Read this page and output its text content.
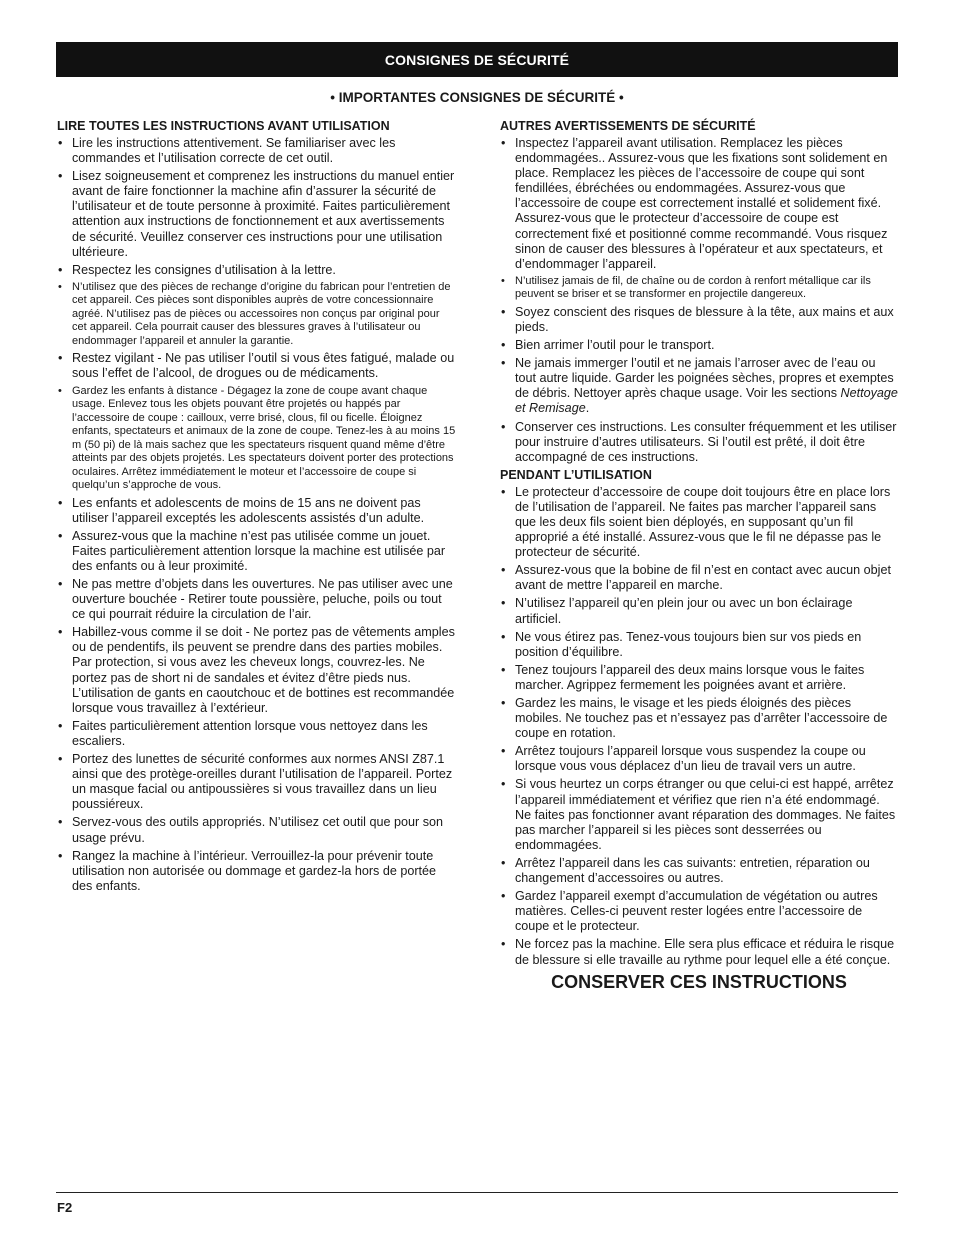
CONSIGNES DE SÉCURITÉ
• IMPORTANTES CONSIGNES DE SÉCURITÉ •
LIRE TOUTES LES INSTRUCTIONS AVANT UTILISATION
• Lire les instructions attentivement. Se familiariser avec les commandes et l’utilisation correcte de cet outil.
• Lisez soigneusement et comprenez les instructions du manuel entier avant de faire fonctionner la machine afin d’assurer la sécurité de l’utilisateur et de toute personne à proximité. Faites particulièrement attention aux instructions de fonctionnement et aux avertissements de sécurité. Veuillez conserver ces instructions pour une utilisation ultérieure.
• Respectez les consignes d’utilisation à la lettre.
• N’utilisez que des pièces de rechange d’origine du fabrican pour l’entretien de cet appareil. Ces pièces sont disponibles auprès de votre concessionnaire agréé. N’utilisez pas de pièces ou accessoires non conçus par original pour cet appareil. Cela pourrait causer des blessures graves à l’utilisateur ou endommager l’appareil et annuler la garantie.
• Restez vigilant - Ne pas utiliser l’outil si vous êtes fatigué, malade ou sous l’effet de l’alcool, de drogues ou de médicaments.
• Gardez les enfants à distance - Dégagez la zone de coupe avant chaque usage. Enlevez tous les objets pouvant être projetés ou happés par l’accessoire de coupe : cailloux, verre brisé, clous, fil ou ficelle. Éloignez enfants, spectateurs et animaux de la zone de coupe. Tenez-les à au moins 15 m (50 pi) de là mais sachez que les spectateurs risquent quand même d’être atteints par des objets projetés. Les spectateurs doivent porter des protections oculaires. Arrêtez immédiatement le moteur et l’accessoire de coupe si quelqu’un s’approche de vous.
• Les enfants et adolescents de moins de 15 ans ne doivent pas utiliser l’appareil exceptés les adolescents assistés d’un adulte.
• Assurez-vous que la machine n’est pas utilisée comme un jouet. Faites particulièrement attention lorsque la machine est utilisée par des enfants ou à leur proximité.
• Ne pas mettre d’objets dans les ouvertures. Ne pas utiliser avec une ouverture bouchée - Retirer toute poussière, peluche, poils ou tout ce qui pourrait réduire la circulation de l’air.
• Habillez-vous comme il se doit - Ne portez pas de vêtements amples ou de pendentifs, ils peuvent se prendre dans des parties mobiles. Par protection, si vous avez les cheveux longs, couvrez-les. Ne portez pas de short ni de sandales et évitez d’être pieds nus. L’utilisation de gants en caoutchouc et de bottines est recommandée lorsque vous travaillez à l’extérieur.
• Faites particulièrement attention lorsque vous nettoyez dans les escaliers.
• Portez des lunettes de sécurité conformes aux normes ANSI Z87.1 ainsi que des protège-oreilles durant l’utilisation de l’appareil. Portez un masque facial ou antipoussières si vous travaillez dans un lieu poussiéreux.
• Servez-vous des outils appropriés. N’utilisez cet outil que pour son usage prévu.
• Rangez la machine à l’intérieur. Verrouillez-la pour prévenir toute utilisation non autorisée ou dommage et gardez-la hors de portée des enfants.
AUTRES AVERTISSEMENTS DE SÉCURITÉ
• Inspectez l’appareil avant utilisation. Remplacez les pièces endommagées.. Assurez-vous que les fixations sont solidement en place. Remplacez les pièces de l’accessoire de coupe qui sont fendillées, ébréchées ou endommagées. Assurez-vous que l’accessoire de coupe est correctement installé et solidement fixé. Assurez-vous que le protecteur d’accessoire de coupe est correctement fixé et positionné comme recommandé. Vous risquez sinon de causer des blessures à l’opérateur et aux spectateurs, et d’endommager l’appareil.
• N’utilisez jamais de fil, de chaîne ou de cordon à renfort métallique car ils peuvent se briser et se transformer en projectile dangereux.
• Soyez conscient des risques de blessure à la tête, aux mains et aux pieds.
• Bien arrimer l’outil pour le transport.
• Ne jamais immerger l’outil et ne jamais l’arroser avec de l’eau ou tout autre liquide. Garder les poignées sèches, propres et exemptes de débris. Nettoyer après chaque usage. Voir les sections Nettoyage et Remisage.
• Conserver ces instructions. Les consulter fréquemment et les utiliser pour instruire d’autres utilisateurs. Si l’outil est prêté, il doit être accompagné de ces instructions.
PENDANT L’UTILISATION
• Le protecteur d’accessoire de coupe doit toujours être en place lors de l’utilisation de l’appareil. Ne faites pas marcher l’appareil sans que les deux fils soient bien déployés, en supposant qu’un fil approprié a été installé. Assurez-vous que le fil ne dépasse pas le protecteur de sécurité.
• Assurez-vous que la bobine de fil n’est en contact avec aucun objet avant de mettre l’appareil en marche.
• N’utilisez l’appareil qu’en plein jour ou avec un bon éclairage artificiel.
• Ne vous étirez pas. Tenez-vous toujours bien sur vos pieds en position d’équilibre.
• Tenez toujours l’appareil des deux mains lorsque vous le faites marcher. Agrippez fermement les poignées avant et arrière.
• Gardez les mains, le visage et les pieds éloignés des pièces mobiles. Ne touchez pas et n’essayez pas d’arrêter l’accessoire de coupe en rotation.
• Arrêtez toujours l’appareil lorsque vous suspendez la coupe ou lorsque vous vous déplacez d’un lieu de travail vers un autre.
• Si vous heurtez un corps étranger ou que celui-ci est happé, arrêtez l’appareil immédiatement et vérifiez que rien n’a été endommagé. Ne faites pas fonctionner avant réparation des dommages. Ne faites pas marcher l’appareil si les pièces sont desserrées ou endommagées.
• Arrêtez l’appareil dans les cas suivants: entretien, réparation ou changement d’accessoires ou autres.
• Gardez l’appareil exempt d’accumulation de végétation ou autres matières. Celles-ci peuvent rester logées entre l’accessoire de coupe et le protecteur.
• Ne forcez pas la machine. Elle sera plus efficace et réduira le risque de blessure si elle travaille au rythme pour lequel elle a été conçue.
CONSERVER CES INSTRUCTIONS
F2
